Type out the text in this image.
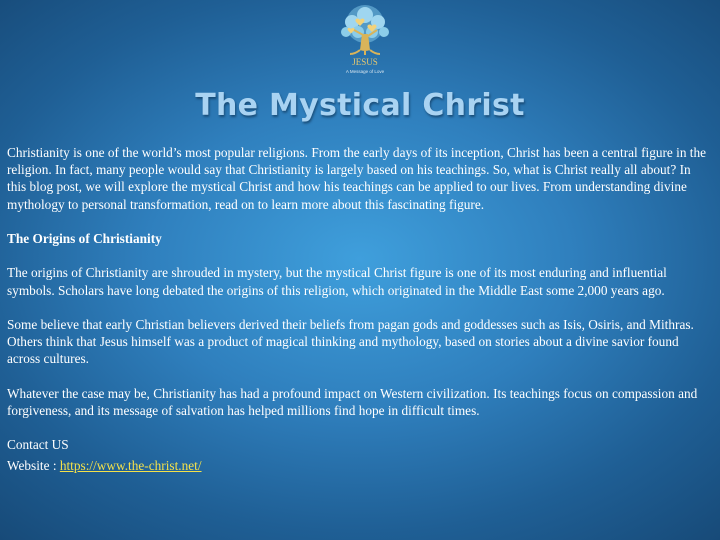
JESUS
A Message of Love
The Mystical Christ

Christianity is one of the world’s most popular religions. From the early days of its inception, Christ has been a central figure in the religion. In fact, many people would say that Christianity is largely based on his teachings. So, what is Christ really all about? In this blog post, we will explore the mystical Christ and how his teachings can be applied to our lives. From understanding divine mythology to personal transformation, read on to learn more about this fascinating figure.

The Origins of Christianity

The origins of Christianity are shrouded in mystery, but the mystical Christ figure is one of its most enduring and influential symbols. Scholars have long debated the origins of this religion, which originated in the Middle East some 2,000 years ago.

Some believe that early Christian believers derived their beliefs from pagan gods and goddesses such as Isis, Osiris, and Mithras. Others think that Jesus himself was a product of magical thinking and mythology, based on stories about a divine savior found across cultures.

Whatever the case may be, Christianity has had a profound impact on Western civilization. Its teachings focus on compassion and forgiveness, and its message of salvation has helped millions find hope in difficult times.

Contact US
Website : https://www.the-christ.net/
